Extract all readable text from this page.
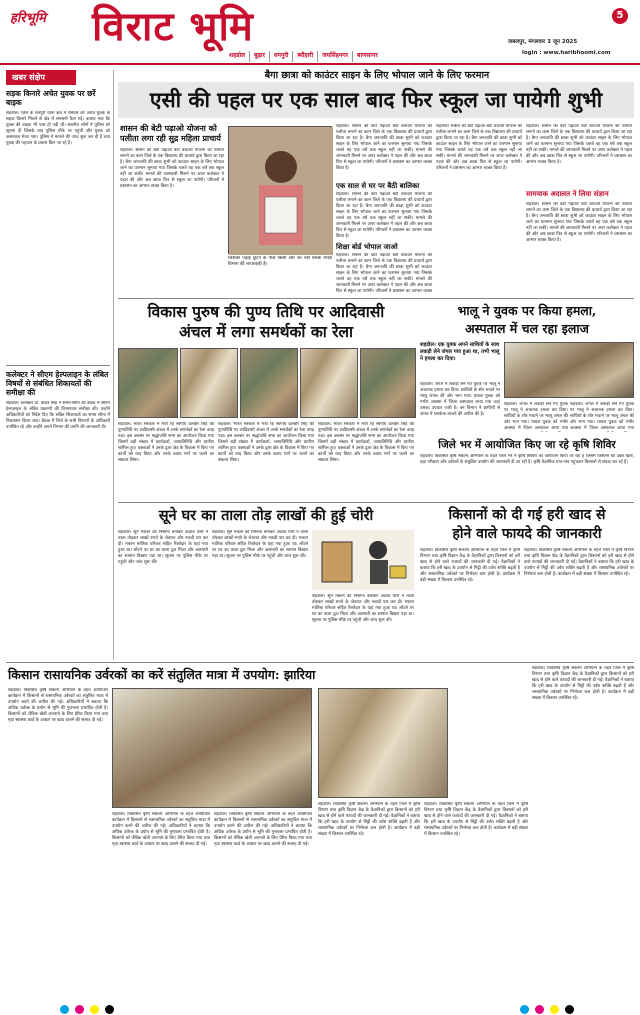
हरिभूमि विराट भूमि	जबलपुर, मंगलवार 3 जून 2025
5
login : www.haribhoomi.com
शहडोल	बुढ़ार	धनपुरी	ब्यौहारी	जयसिंहनगर	बाणसागर
खबर संक्षेप
सड़क किनारे अचेत युवक पर छर्रे बाइक
शहडोल। जिले के धनपुरी थाना क्षेत्र में रविवार को अचेत युवक के सड़क किनारे मिलने से क्षेत्र में सनसनी फैल गई। बताया गया कि युवक की बाइक भी पास ही पड़ी थी। स्थानीय लोगों ने पुलिस को सूचना दी जिसके बाद पुलिस मौके पर पहुंची और युवक को अस्पताल भेजा गया। पुलिस ने मामले की जांच शुरू कर दी है तथा युवक की पहचान के प्रयास किए जा रहे हैं।
कलेक्टर ने सीएम हेल्पलाइन के लंबित विषयों से संबंधित शिकायतों की समीक्षा की
शहडोल। कलेक्टर डॉ. केदार सिंह ने समय-सीमा की बैठक में सीएम हेल्पलाइन के लंबित प्रकरणों की विभागवार समीक्षा की। उन्होंने अधिकारियों को निर्देश दिए कि लंबित शिकायतों का समय सीमा में निराकरण किया जाए। बैठक में जिले के सभी विभागों के अधिकारी उपस्थित रहे और उन्होंने अपने विभाग की प्रगति की जानकारी दी।
बैगा छात्रा को काउंटर साइन के लिए भोपाल जाने के लिए फरमान
एसी की पहल पर एक साल बाद फिर स्कूल जा पायेगी शुभी
शासन की बेटी पढ़ाओ योजना को पलीता लगा रही सुद्र महिला प्राचार्य
शहडोल। शासन की बेटी पढ़ाओ बेटी बचाओ योजना को पलीता लगाने का काम जिले के एक विद्यालय की प्राचार्य द्वारा किया जा रहा है। बैगा जनजाति की छात्रा शुभी को काउंटर साइन के लिए भोपाल जाने का फरमान सुनाया गया जिसके चलते वह एक वर्ष तक स्कूल नहीं जा सकी। मामले की जानकारी मिलने पर अपर कलेक्टर ने पहल की और अब छात्रा फिर से स्कूल जा पायेगी। परिजनों ने प्रशासन का आभार व्यक्त किया है।
जिसकी पढ़ाई छूटने के पीछे किसी और का नहीं बल्कि शिक्षा विभाग की लापरवाही है।
शहडोल। शासन की बेटी पढ़ाओ बेटी बचाओ योजना को पलीता लगाने का काम जिले के एक विद्यालय की प्राचार्य द्वारा किया जा रहा है। बैगा जनजाति की छात्रा शुभी को काउंटर साइन के लिए भोपाल जाने का फरमान सुनाया गया जिसके चलते वह एक वर्ष तक स्कूल नहीं जा सकी। मामले की जानकारी मिलने पर अपर कलेक्टर ने पहल की और अब छात्रा फिर से स्कूल जा पायेगी। परिजनों ने प्रशासन का आभार व्यक्त किया है।
एक साल से घर पर बैठी बालिका
शहडोल। शासन की बेटी पढ़ाओ बेटी बचाओ योजना को पलीता लगाने का काम जिले के एक विद्यालय की प्राचार्य द्वारा किया जा रहा है। बैगा जनजाति की छात्रा शुभी को काउंटर साइन के लिए भोपाल जाने का फरमान सुनाया गया जिसके चलते वह एक वर्ष तक स्कूल नहीं जा सकी। मामले की जानकारी मिलने पर अपर कलेक्टर ने पहल की और अब छात्रा फिर से स्कूल जा पायेगी। परिजनों ने प्रशासन का आभार व्यक्त किया है।
शिक्षा बोर्ड भोपाल जाओ
शहडोल। शासन की बेटी पढ़ाओ बेटी बचाओ योजना को पलीता लगाने का काम जिले के एक विद्यालय की प्राचार्य द्वारा किया जा रहा है। बैगा जनजाति की छात्रा शुभी को काउंटर साइन के लिए भोपाल जाने का फरमान सुनाया गया जिसके चलते वह एक वर्ष तक स्कूल नहीं जा सकी। मामले की जानकारी मिलने पर अपर कलेक्टर ने पहल की और अब छात्रा फिर से स्कूल जा पायेगी। परिजनों ने प्रशासन का आभार व्यक्त
शहडोल। शासन की बेटी पढ़ाओ बेटी बचाओ योजना को पलीता लगाने का काम जिले के एक विद्यालय की प्राचार्य द्वारा किया जा रहा है। बैगा जनजाति की छात्रा शुभी को काउंटर साइन के लिए भोपाल जाने का फरमान सुनाया गया जिसके चलते वह एक वर्ष तक स्कूल नहीं जा सकी। मामले की जानकारी मिलने पर अपर कलेक्टर ने पहल की और अब छात्रा फिर से स्कूल जा पायेगी। परिजनों ने प्रशासन का आभार व्यक्त किया है।
शहडोल। शासन की बेटी पढ़ाओ बेटी बचाओ योजना को पलीता लगाने का काम जिले के एक विद्यालय की प्राचार्य द्वारा किया जा रहा है। बैगा जनजाति की छात्रा शुभी को काउंटर साइन के लिए भोपाल जाने का फरमान सुनाया गया जिसके चलते वह एक वर्ष तक स्कूल नहीं जा सकी। मामले की जानकारी मिलने पर अपर कलेक्टर ने पहल की और अब छात्रा फिर से स्कूल जा पायेगी। परिजनों ने प्रशासन का आभार व्यक्त किया है।
सामयाक अदालत ने लिया संज्ञान
शहडोल। शासन की बेटी पढ़ाओ बेटी बचाओ योजना को पलीता लगाने का काम जिले के एक विद्यालय की प्राचार्य द्वारा किया जा रहा है। बैगा जनजाति की छात्रा शुभी को काउंटर साइन के लिए भोपाल जाने का फरमान सुनाया गया जिसके चलते वह एक वर्ष तक स्कूल नहीं जा सकी। मामले की जानकारी मिलने पर अपर कलेक्टर ने पहल की और अब छात्रा फिर से स्कूल जा पायेगी। परिजनों ने प्रशासन का आभार व्यक्त किया है।
विकास पुरुष की पुण्य तिथि पर आदिवासी
अंचल में लगा समर्थकों का रेला
शहडोल। भारत सरकार में मंत्री रहे स्वर्गीय दलबीर सिंह की पुण्यतिथि पर आदिवासी अंचल में उनके समर्थकों का रेला उमड़ पड़ा। इस अवसर पर श्रद्धांजलि सभा का आयोजन किया गया जिसमें बड़ी संख्या में कार्यकर्ता, जनप्रतिनिधि और ग्रामीण शामिल हुए। वक्ताओं ने उनके द्वारा क्षेत्र के विकास में किए गए कार्यों को याद किया और उनके बताए मार्ग पर चलने का संकल्प लिया।
शहडोल। भारत सरकार में मंत्री रहे स्वर्गीय दलबीर सिंह की पुण्यतिथि पर आदिवासी अंचल में उनके समर्थकों का रेला उमड़ पड़ा। इस अवसर पर श्रद्धांजलि सभा का आयोजन किया गया जिसमें बड़ी संख्या में कार्यकर्ता, जनप्रतिनिधि और ग्रामीण शामिल हुए। वक्ताओं ने उनके द्वारा क्षेत्र के विकास में किए गए कार्यों को याद किया और उनके बताए मार्ग पर चलने का संकल्प लिया।
शहडोल। भारत सरकार में मंत्री रहे स्वर्गीय दलबीर सिंह की पुण्यतिथि पर आदिवासी अंचल में उनके समर्थकों का रेला उमड़ पड़ा। इस अवसर पर श्रद्धांजलि सभा का आयोजन किया गया जिसमें बड़ी संख्या में कार्यकर्ता, जनप्रतिनिधि और ग्रामीण शामिल हुए। वक्ताओं ने उनके द्वारा क्षेत्र के विकास में किए गए कार्यों को याद किया और उनके बताए मार्ग पर चलने का संकल्प लिया।
भालू ने युवक पर किया हमला,
अस्पताल में चल रहा इलाज
शहडोल। एक युवक अपने साथियों के साथ लकड़ी लेने जंगल गया हुआ था, तभी भालू ने हमला कर दिया।
शहडोल। जंगल में लकड़ी लेने गए युवक पर भालू ने अचानक हमला कर दिया। साथियों के शोर मचाने पर भालू जंगल की ओर भाग गया। घायल युवक को गंभीर अवस्था में जिला अस्पताल लाया गया जहां उसका उपचार जारी है। वन विभाग ने ग्रामीणों से जंगल में सतर्कता बरतने की अपील की है।
शहडोल। जंगल में लकड़ी लेने गए युवक पर भालू ने अचानक हमला कर दिया। साथियों के शोर मचाने पर भालू जंगल की ओर भाग गया। घायल युवक को गंभीर अवस्था में जिला अस्पताल लाया गया
शहडोल। जंगल में लकड़ी लेने गए युवक पर भालू ने अचानक हमला कर दिया। साथियों के शोर मचाने पर भालू जंगल की ओर भाग गया। घायल युवक को गंभीर अवस्था में जिला अस्पताल लाया गया
जिले भर में आयोजित किए जा रहे कृषि शिविर
शहडोल। विकसित कृषि संकल्प अभियान के तहत जिले भर में कृषि शिविरों का आयोजन किया जा रहा है जिसमें किसानों को उन्नत खेती, मृदा परीक्षण और उर्वरकों के संतुलित उपयोग की जानकारी दी जा रही है। कृषि वैज्ञानिक गांव-गांव पहुंचकर किसानों से संवाद कर रहे हैं।
सूने घर का ताला तोड़ लाखों की हुई चोरी
शहडोल। सूने मकान को निशाना बनाकर अज्ञात चोरों ने ताला तोड़कर लाखों रुपये के जेवरात और नकदी पार कर दी। मकान मालिक परिवार सहित रिश्तेदार के यहां गया हुआ था। लौटने पर घर का ताला टूटा मिला और अलमारी का सामान बिखरा पड़ा था। सूचना पर पुलिस मौके पर पहुंची और जांच शुरू की।
शहडोल। सूने मकान को निशाना बनाकर अज्ञात चोरों ने ताला तोड़कर लाखों रुपये के जेवरात और नकदी पार कर दी। मकान मालिक परिवार सहित रिश्तेदार के यहां गया हुआ था। लौटने पर घर का ताला टूटा मिला और अलमारी का सामान बिखरा पड़ा था। सूचना पर पुलिस मौके पर पहुंची और जांच शुरू की।
शहडोल। सूने मकान को निशाना बनाकर अज्ञात चोरों ने ताला तोड़कर लाखों रुपये के जेवरात और नकदी पार कर दी। मकान मालिक परिवार सहित रिश्तेदार के यहां गया हुआ था। लौटने पर घर का ताला टूटा मिला और अलमारी का सामान बिखरा पड़ा था। सूचना पर पुलिस मौके पर पहुंची और जांच शुरू की।
किसानों को दी गई हरी खाद से
होने वाले फायदे की जानकारी
शहडोल। विकसित कृषि संकल्प अभियान के तहत जिले में कृषि विभाग तथा कृषि विज्ञान केंद्र के वैज्ञानिकों द्वारा किसानों को हरी खाद से होने वाले फायदों की जानकारी दी गई। वैज्ञानिकों ने बताया कि हरी खाद के उपयोग से मिट्टी की उर्वरा शक्ति बढ़ती है और रासायनिक उर्वरकों पर निर्भरता कम होती है। कार्यक्रम में बड़ी संख्या में किसान उपस्थित रहे।
शहडोल। विकसित कृषि संकल्प अभियान के तहत जिले में कृषि विभाग तथा कृषि विज्ञान केंद्र के वैज्ञानिकों द्वारा किसानों को हरी खाद से होने वाले फायदों की जानकारी दी गई। वैज्ञानिकों ने बताया कि हरी खाद के उपयोग से मिट्टी की उर्वरा शक्ति बढ़ती है और रासायनिक उर्वरकों पर निर्भरता कम होती है। कार्यक्रम में बड़ी संख्या में किसान उपस्थित रहे।
किसान रासायनिक उर्वरकों का करें संतुलित मात्रा में उपयोग: झारिया
शहडोल। विकसित कृषि संकल्प अभियान के तहत आयोजित कार्यक्रम में किसानों से रासायनिक उर्वरकों का संतुलित मात्रा में उपयोग करने की अपील की गई। अधिकारियों ने बताया कि अधिक उर्वरक के प्रयोग से भूमि की गुणवत्ता प्रभावित होती है। किसानों को जैविक खेती अपनाने के लिए प्रेरित किया गया तथा मृदा स्वास्थ्य कार्ड के आधार पर खाद डालने की सलाह दी गई।
शहडोल। विकसित कृषि संकल्प अभियान के तहत आयोजित कार्यक्रम में किसानों से रासायनिक उर्वरकों का संतुलित मात्रा में उपयोग करने की अपील की गई। अधिकारियों ने बताया कि अधिक उर्वरक के प्रयोग से भूमि की गुणवत्ता प्रभावित होती है। किसानों को जैविक खेती अपनाने के लिए प्रेरित किया गया तथा मृदा स्वास्थ्य कार्ड के आधार पर खाद डालने की सलाह दी गई।
शहडोल। विकसित कृषि संकल्प अभियान के तहत आयोजित कार्यक्रम में किसानों से रासायनिक उर्वरकों का संतुलित मात्रा में उपयोग करने की अपील की गई। अधिकारियों ने बताया कि अधिक उर्वरक के प्रयोग से भूमि की गुणवत्ता प्रभावित होती है। किसानों को जैविक खेती अपनाने के लिए प्रेरित किया गया तथा मृदा स्वास्थ्य कार्ड के आधार पर खाद डालने की सलाह दी गई।
शहडोल। विकसित कृषि संकल्प अभियान के तहत जिले में कृषि विभाग तथा कृषि विज्ञान केंद्र के वैज्ञानिकों द्वारा किसानों को हरी खाद से होने वाले फायदों की जानकारी दी गई। वैज्ञानिकों ने बताया कि हरी खाद के उपयोग से मिट्टी की उर्वरा शक्ति बढ़ती है और रासायनिक उर्वरकों पर निर्भरता कम होती है। कार्यक्रम में बड़ी संख्या में किसान उपस्थित रहे।
शहडोल। विकसित कृषि संकल्प अभियान के तहत जिले में कृषि विभाग तथा कृषि विज्ञान केंद्र के वैज्ञानिकों द्वारा किसानों को हरी खाद से होने वाले फायदों की जानकारी दी गई। वैज्ञानिकों ने बताया कि हरी खाद के उपयोग से मिट्टी की उर्वरा शक्ति बढ़ती है और रासायनिक उर्वरकों पर निर्भरता कम होती है। कार्यक्रम में बड़ी संख्या में किसान उपस्थित रहे।
शहडोल। विकसित कृषि संकल्प अभियान के तहत जिले में कृषि विभाग तथा कृषि विज्ञान केंद्र के वैज्ञानिकों द्वारा किसानों को हरी खाद से होने वाले फायदों की जानकारी दी गई। वैज्ञानिकों ने बताया कि हरी खाद के उपयोग से मिट्टी की उर्वरा शक्ति बढ़ती है और रासायनिक उर्वरकों पर निर्भरता कम होती है। कार्यक्रम में बड़ी संख्या में किसान उपस्थित रहे।
